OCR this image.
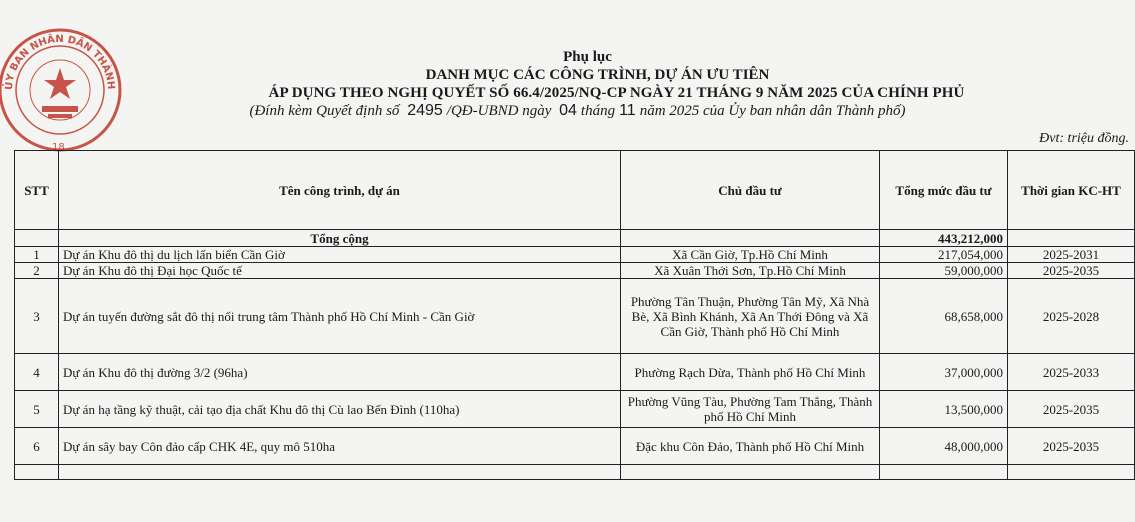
ỦY BAN NHÂN DÂN THÀNH
18
Phụ lục
DANH MỤC CÁC CÔNG TRÌNH, DỰ ÁN ƯU TIÊN
ÁP DỤNG THEO NGHỊ QUYẾT SỐ 66.4/2025/NQ-CP NGÀY 21 THÁNG 9 NĂM 2025 CỦA CHÍNH PHỦ
(Đính kèm Quyết định số 2495 /QĐ-UBND ngày 04 tháng 11 năm 2025 của Ủy ban nhân dân Thành phố)
Đvt: triệu đồng.
STT	Tên công trình, dự án	Chủ đầu tư	Tổng mức đầu tư	Thời gian KC-HT
	Tổng cộng		443,212,000	
1	Dự án Khu đô thị du lịch lấn biển Cần Giờ	Xã Cần Giờ, Tp.Hồ Chí Minh	217,054,000	2025-2031
2	Dự án Khu đô thị Đại học Quốc tế	Xã Xuân Thới Sơn, Tp.Hồ Chí Minh	59,000,000	2025-2035
3	Dự án tuyến đường sắt đô thị nối trung tâm Thành phố Hồ Chí Minh - Cần Giờ	Phường Tân Thuận, Phường Tân Mỹ, Xã Nhà Bè, Xã Bình Khánh, Xã An Thới Đông và Xã Cần Giờ, Thành phố Hồ Chí Minh	68,658,000	2025-2028
4	Dự án Khu đô thị đường 3/2 (96ha)	Phường Rạch Dừa, Thành phố Hồ Chí Minh	37,000,000	2025-2033
5	Dự án hạ tầng kỹ thuật, cải tạo địa chất Khu đô thị Cù lao Bến Đình (110ha)	Phường Vũng Tàu, Phường Tam Thắng, Thành phố Hồ Chí Minh	13,500,000	2025-2035
6	Dự án sây bay Côn đảo cấp CHK 4E, quy mô 510ha	Đặc khu Côn Đảo, Thành phố Hồ Chí Minh	48,000,000	2025-2035
